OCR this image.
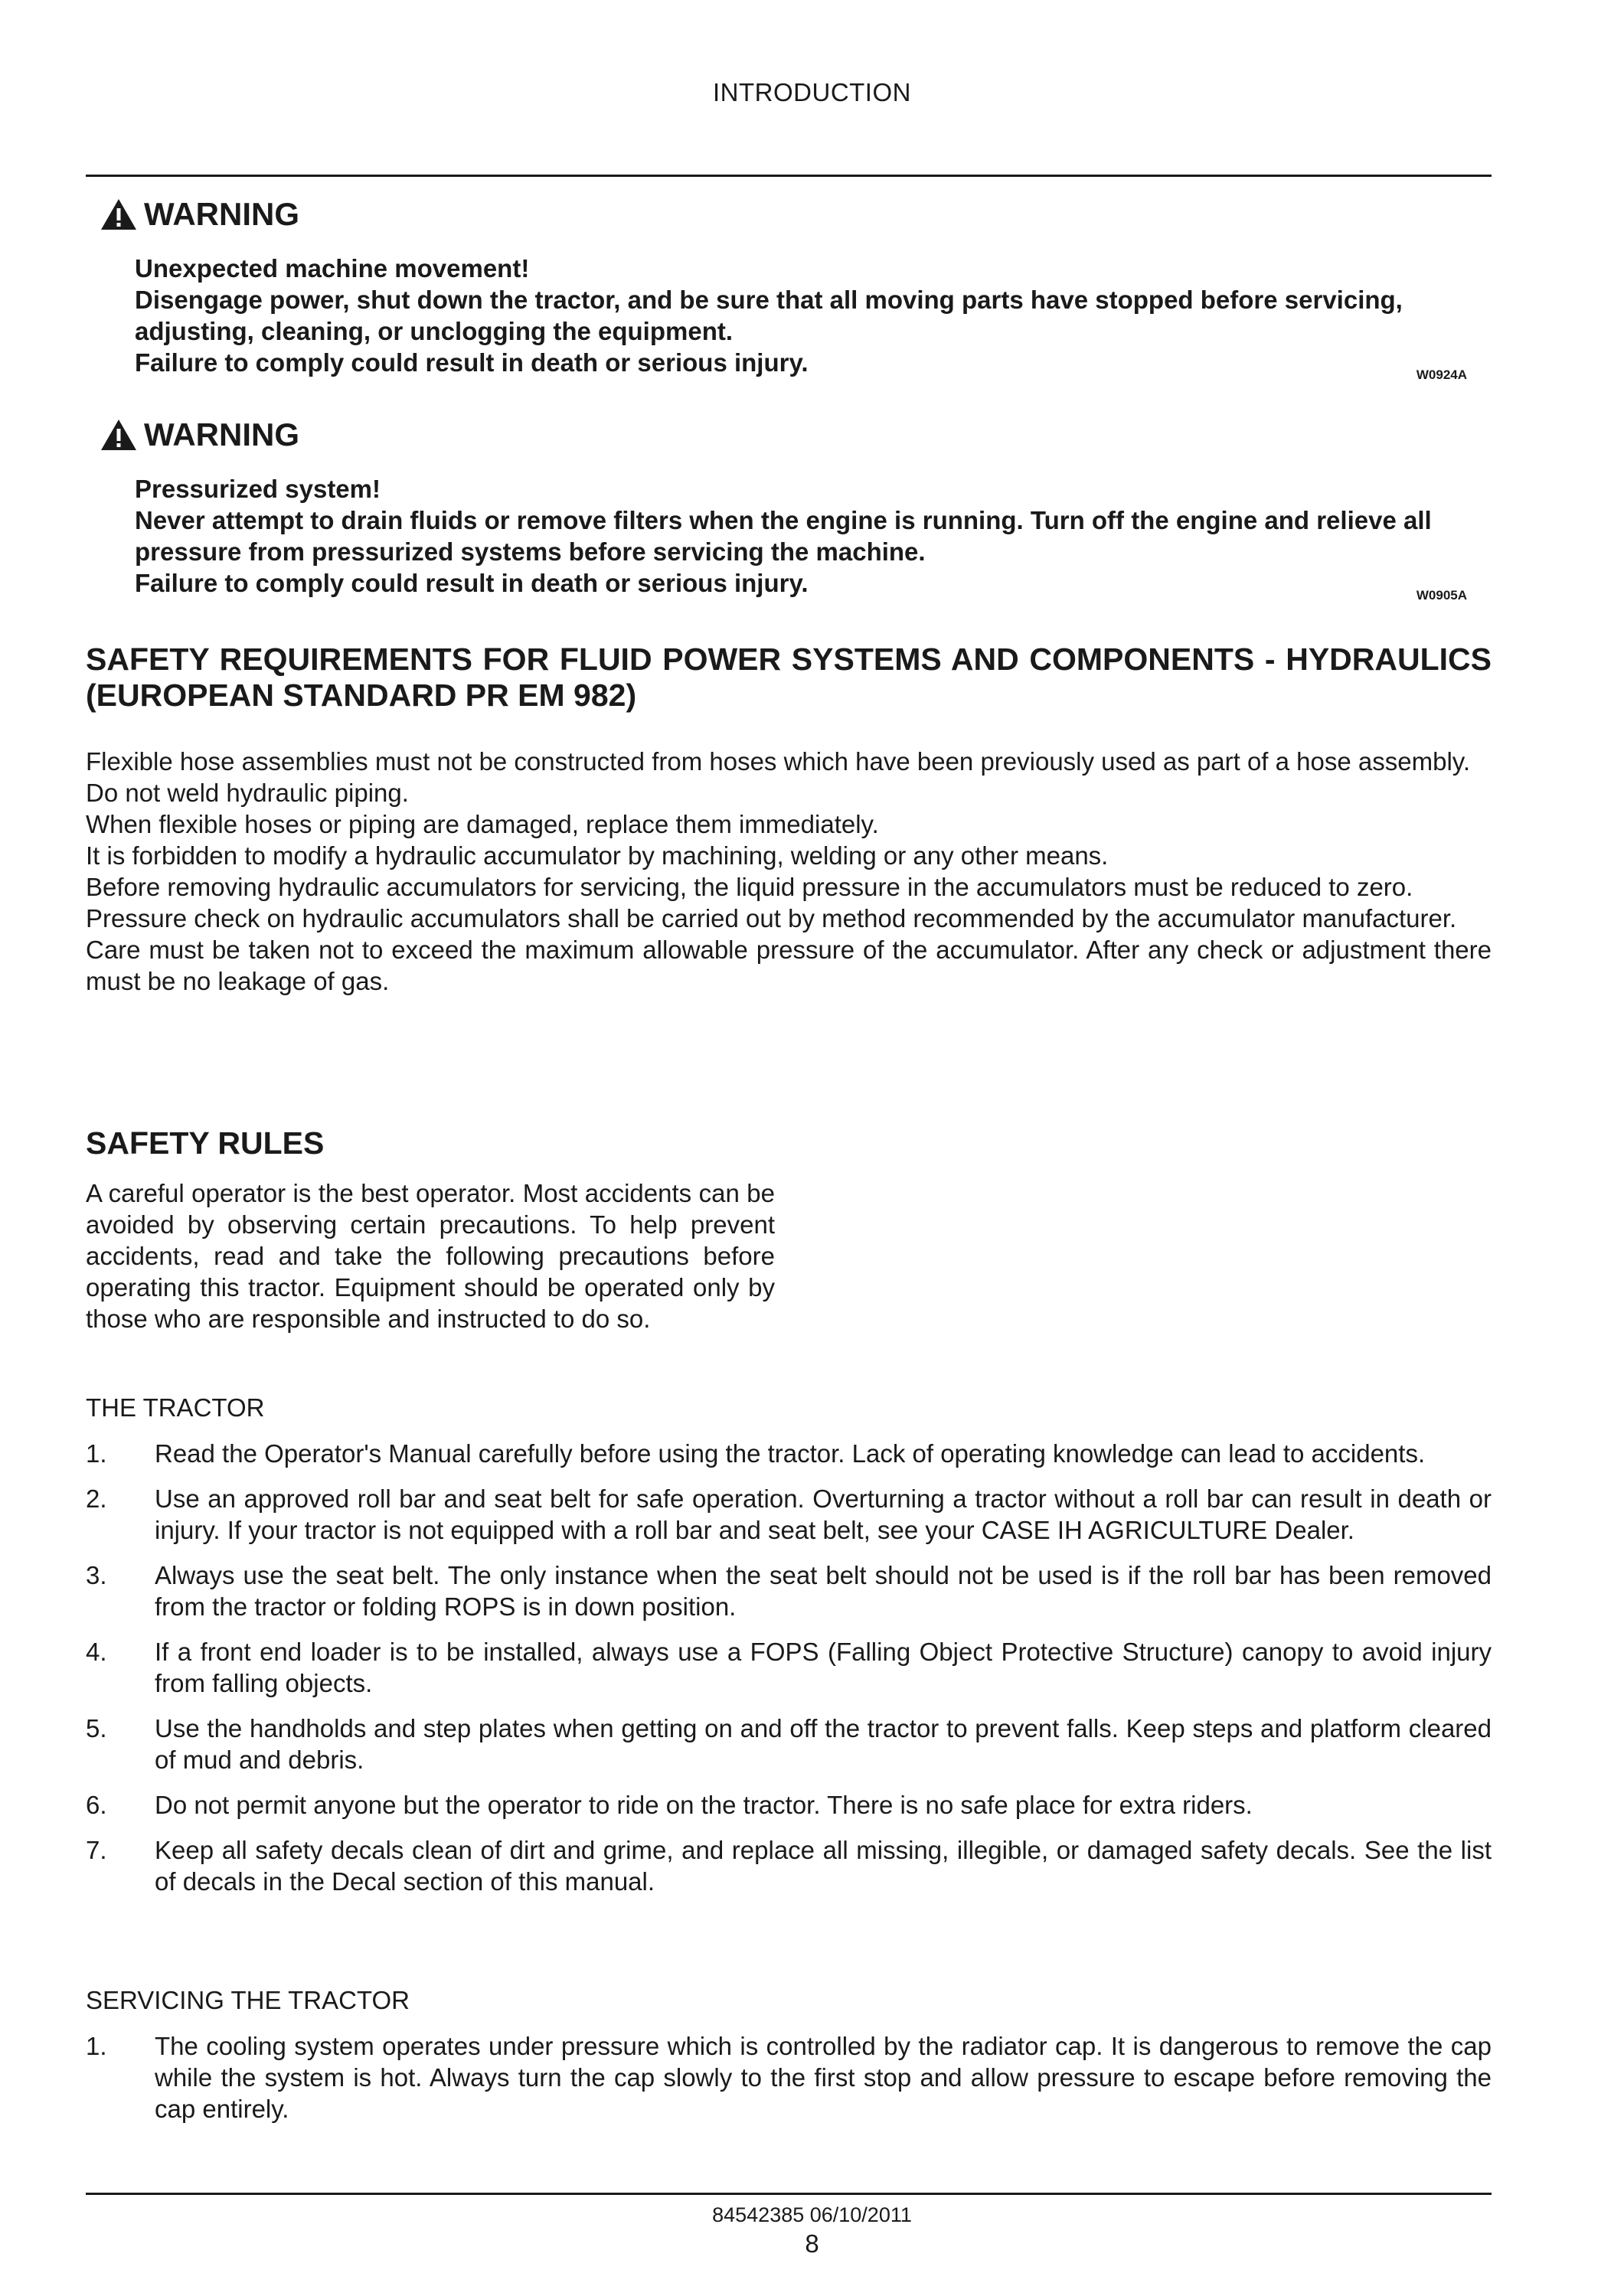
INTRODUCTION
WARNING

Unexpected machine movement!

Disengage power, shut down the tractor, and be sure that all moving parts have stopped before servicing, adjusting, cleaning, or unclogging the equipment.

Failure to comply could result in death or serious injury.	W0924A
WARNING

Pressurized system!

Never attempt to drain fluids or remove filters when the engine is running. Turn off the engine and relieve all pressure from pressurized systems before servicing the machine.

Failure to comply could result in death or serious injury.	W0905A
SAFETY REQUIREMENTS FOR FLUID POWER SYSTEMS AND COMPONENTS - HYDRAULICS (EUROPEAN STANDARD PR EM 982)

Flexible hose assemblies must not be constructed from hoses which have been previously used as part of a hose assembly.

Do not weld hydraulic piping.

When flexible hoses or piping are damaged, replace them immediately.

It is forbidden to modify a hydraulic accumulator by machining, welding or any other means.

Before removing hydraulic accumulators for servicing, the liquid pressure in the accumulators must be reduced to zero.

Pressure check on hydraulic accumulators shall be carried out by method recommended by the accumulator manufacturer.

Care must be taken not to exceed the maximum allowable pressure of the accumulator. After any check or adjustment there must be no leakage of gas.

SAFETY RULES

A careful operator is the best operator. Most accidents can be avoided by observing certain precautions. To help prevent accidents, read and take the following precautions before operating this tractor. Equipment should be operated only by those who are responsible and instructed to do so.

THE TRACTOR
1.	Read the Operator's Manual carefully before using the tractor. Lack of operating knowledge can lead to accidents.
2.	Use an approved roll bar and seat belt for safe operation. Overturning a tractor without a roll bar can result in death or injury. If your tractor is not equipped with a roll bar and seat belt, see your CASE IH AGRICULTURE Dealer.
3.	Always use the seat belt. The only instance when the seat belt should not be used is if the roll bar has been removed from the tractor or folding ROPS is in down position.
4.	If a front end loader is to be installed, always use a FOPS (Falling Object Protective Structure) canopy to avoid injury from falling objects.
5.	Use the handholds and step plates when getting on and off the tractor to prevent falls. Keep steps and platform cleared of mud and debris.
6.	Do not permit anyone but the operator to ride on the tractor. There is no safe place for extra riders.
7.	Keep all safety decals clean of dirt and grime, and replace all missing, illegible, or damaged safety decals. See the list of decals in the Decal section of this manual.
SERVICING THE TRACTOR
1.	The cooling system operates under pressure which is controlled by the radiator cap. It is dangerous to remove the cap while the system is hot. Always turn the cap slowly to the first stop and allow pressure to escape before removing the cap entirely.
84542385 06/10/2011
8
